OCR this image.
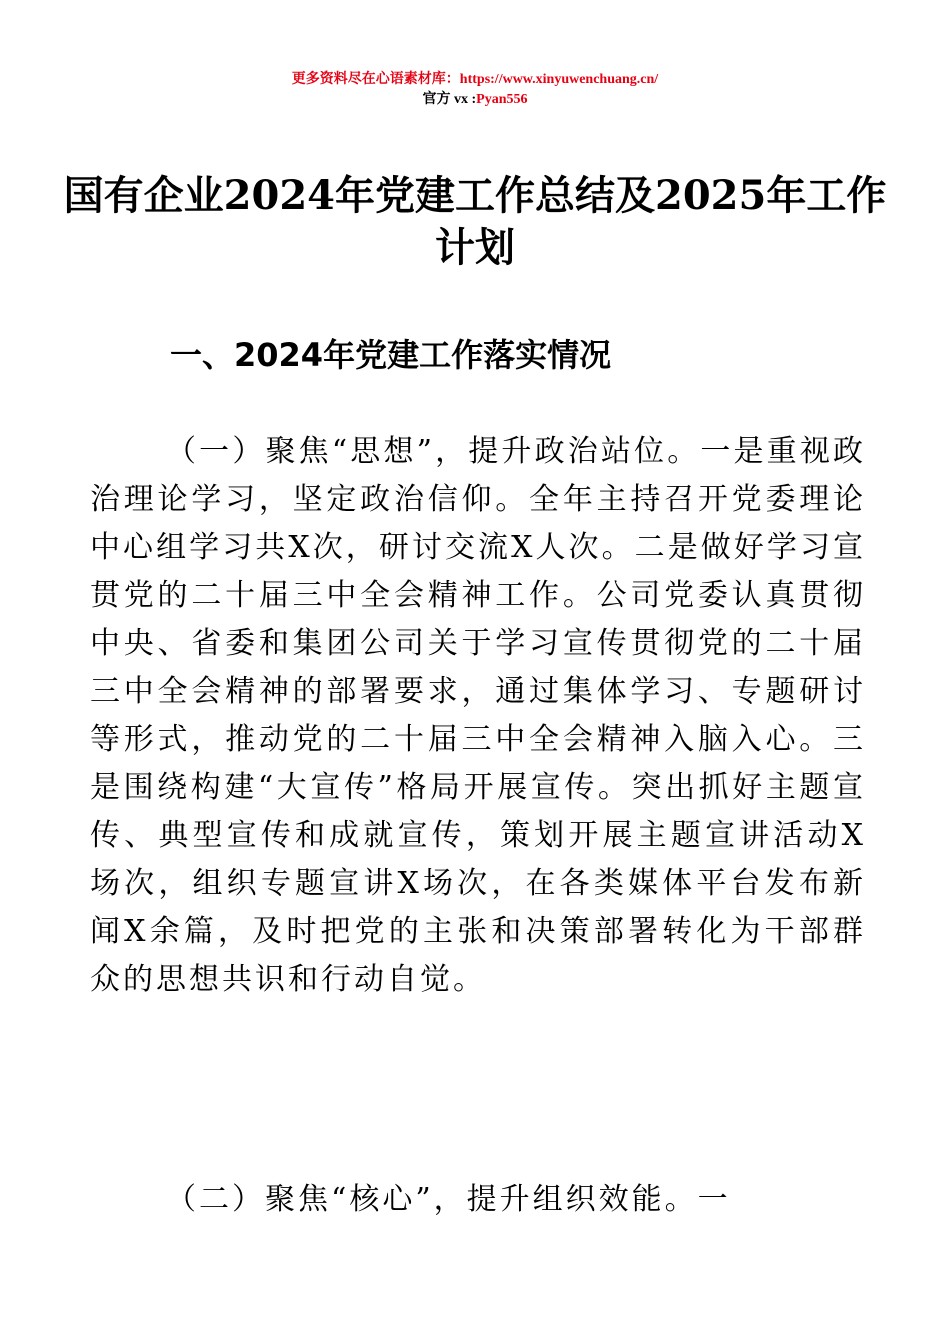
更多资料尽在心语素材库：https://www.xinyuwenchuang.cn/
官方 vx :Pyan556
国有企业2024年党建工作总结及2025年工作计划
一、2024年党建工作落实情况

（一）聚焦“思想”，提升政治站位。一是重视政治理论学习，坚定政治信仰。全年主持召开党委理论中心组学习共X次，研讨交流X人次。二是做好学习宣贯党的二十届三中全会精神工作。公司党委认真贯彻中央、省委和集团公司关于学习宣传贯彻党的二十届三中全会精神的部署要求，通过集体学习、专题研讨等形式，推动党的二十届三中全会精神入脑入心。三是围绕构建“大宣传”格局开展宣传。突出抓好主题宣传、典型宣传和成就宣传，策划开展主题宣讲活动X场次，组织专题宣讲X场次，在各类媒体平台发布新闻X余篇，及时把党的主张和决策部署转化为干部群众的思想共识和行动自觉。

（二）聚焦“核心”，提升组织效能。一
